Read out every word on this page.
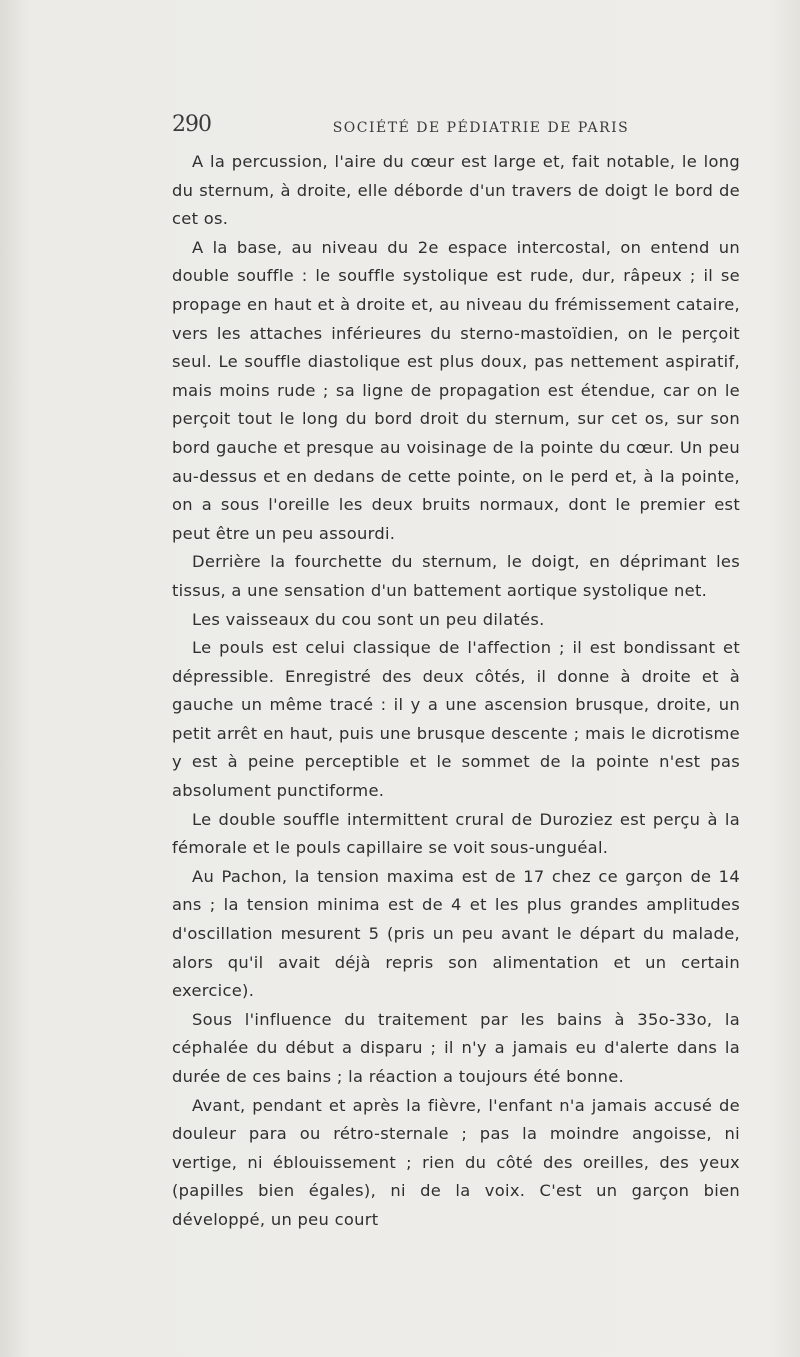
290	SOCIÉTÉ DE PÉDIATRIE DE PARIS

A la percussion, l'aire du cœur est large et, fait notable, le long du sternum, à droite, elle déborde d'un travers de doigt le bord de cet os.

A la base, au niveau du 2e espace intercostal, on entend un double souffle : le souffle systolique est rude, dur, râpeux ; il se propage en haut et à droite et, au niveau du frémissement cataire, vers les attaches inférieures du sterno-mastoïdien, on le perçoit seul. Le souffle diastolique est plus doux, pas nettement aspiratif, mais moins rude ; sa ligne de propagation est étendue, car on le perçoit tout le long du bord droit du sternum, sur cet os, sur son bord gauche et presque au voisinage de la pointe du cœur. Un peu au-dessus et en dedans de cette pointe, on le perd et, à la pointe, on a sous l'oreille les deux bruits normaux, dont le premier est peut être un peu assourdi.

Derrière la fourchette du sternum, le doigt, en déprimant les tissus, a une sensation d'un battement aortique systolique net.

Les vaisseaux du cou sont un peu dilatés.

Le pouls est celui classique de l'affection ; il est bondissant et dépressible. Enregistré des deux côtés, il donne à droite et à gauche un même tracé : il y a une ascension brusque, droite, un petit arrêt en haut, puis une brusque descente ; mais le dicrotisme y est à peine perceptible et le sommet de la pointe n'est pas absolument punctiforme.

Le double souffle intermittent crural de Duroziez est perçu à la fémorale et le pouls capillaire se voit sous-unguéal.

Au Pachon, la tension maxima est de 17 chez ce garçon de 14 ans ; la tension minima est de 4 et les plus grandes amplitudes d'oscillation mesurent 5 (pris un peu avant le départ du malade, alors qu'il avait déjà repris son alimentation et un certain exercice).

Sous l'influence du traitement par les bains à 35o-33o, la céphalée du début a disparu ; il n'y a jamais eu d'alerte dans la durée de ces bains ; la réaction a toujours été bonne.

Avant, pendant et après la fièvre, l'enfant n'a jamais accusé de douleur para ou rétro-sternale ; pas la moindre angoisse, ni vertige, ni éblouissement ; rien du côté des oreilles, des yeux (papilles bien égales), ni de la voix. C'est un garçon bien développé, un peu court
